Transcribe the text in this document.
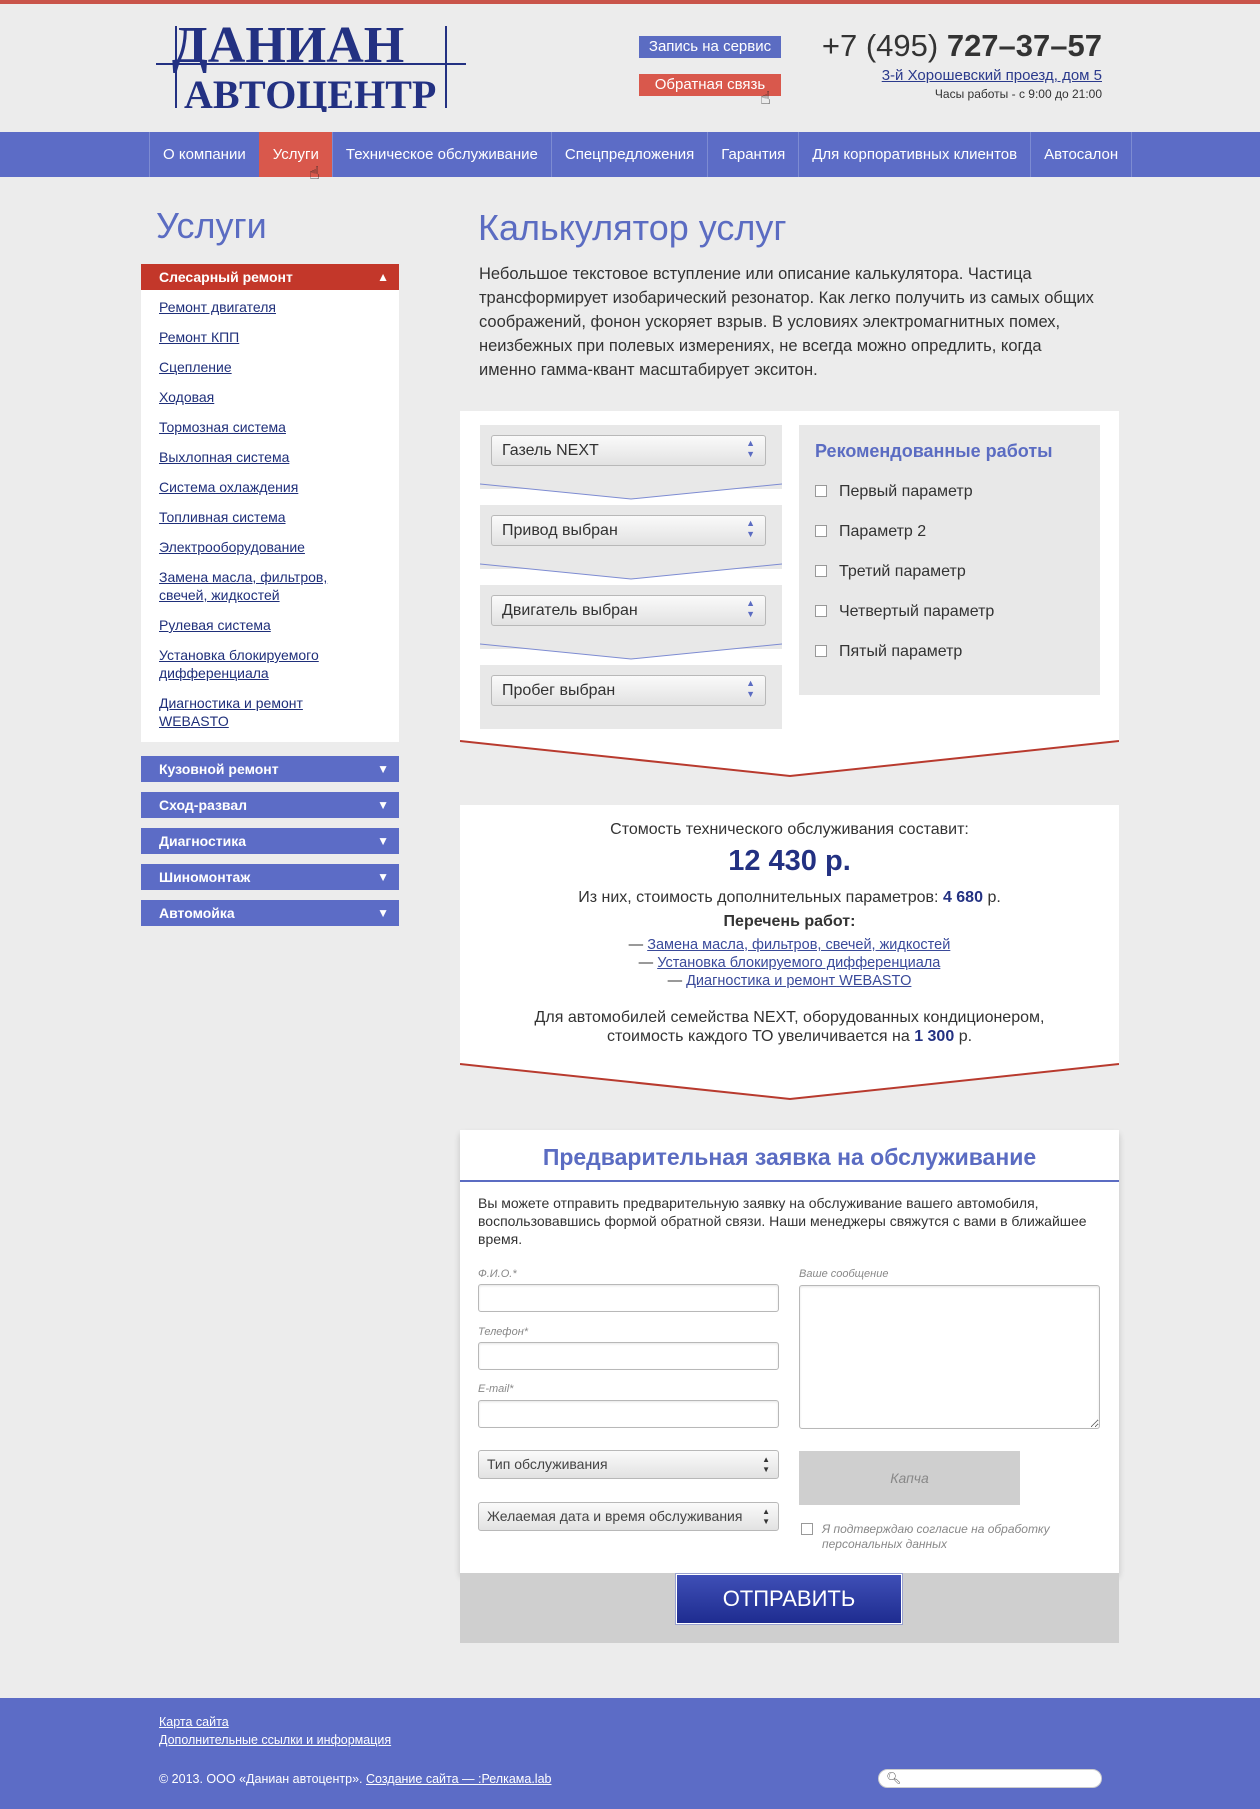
ДАНИАН
АВТОЦЕНТР
Запись на сервис
Обратная связь
☝
+7 (495) 727–37–57
3-й Хорошевский проезд, дом 5
Часы работы - с 9:00 до 21:00
О компании	Услуги	Техническое обслуживание	Спецпредложения	Гарантия	Для корпоративных клиентов	Автосалон
☝
Услуги
Слесарный ремонт	▲
Ремонт двигателя
Ремонт КПП
Сцепление
Ходовая
Тормозная система
Выхлопная система
Система охлаждения
Топливная система
Электрооборудование
Замена масла, фильтров, свечей, жидкостей
Рулевая система
Установка блокируемого дифференциала
Диагностика и ремонт WEBASTO
Кузовной ремонт	▼
Сход-развал	▼
Диагностика	▼
Шиномонтаж	▼
Автомойка	▼
Калькулятор услуг

Небольшое текстовое вступление или описание калькулятора. Частица трансформирует изобарический резонатор. Как легко получить из самых общих соображений, фонон ускоряет взрыв. В условиях электромагнитных помех, неизбежных при полевых измерениях, не всегда можно опредлить, когда именно гамма-квант масштабирует экситон.

Газель NEXT	▲
▼
Привод выбран	▲
▼
Двигатель выбран	▲
▼
Пробег выбран	▲
▼
Рекомендованные работы
Первый параметр
Параметр 2
Третий параметр
Четвертый параметр
Пятый параметр
Стомость технического обслуживания составит:
12 430 р.
Из них, стоимость дополнительных параметров: 4 680 р.
Перечень работ:
— Замена масла, фильтров, свечей, жидкостей
— Установка блокируемого дифференциала
— Диагностика и ремонт WEBASTO
Для автомобилей семейства NEXT, оборудованных кондиционером,
стоимость каждого ТО увеличивается на 1 300 р.
Предварительная заявка на обслуживание

Вы можете отправить предварительную заявку на обслуживание вашего автомобиля, воспользовавшись формой обратной связи. Наши менеджеры свяжутся с вами в ближайшее время.

Ф.И.О.*
Телефон*
E-mail*
Ваше сообщение
Тип обслуживания	▲
▼
Желаемая дата и время обслуживания ▲
▼
Капча
Я подтверждаю согласие на обработку персональных данных
ОТПРАВИТЬ
Карта сайта
Дополнительные ссылки и информация
© 2013. ООО «Даниан автоцентр». Создание сайта — :Релкама.lab	🔍︎
